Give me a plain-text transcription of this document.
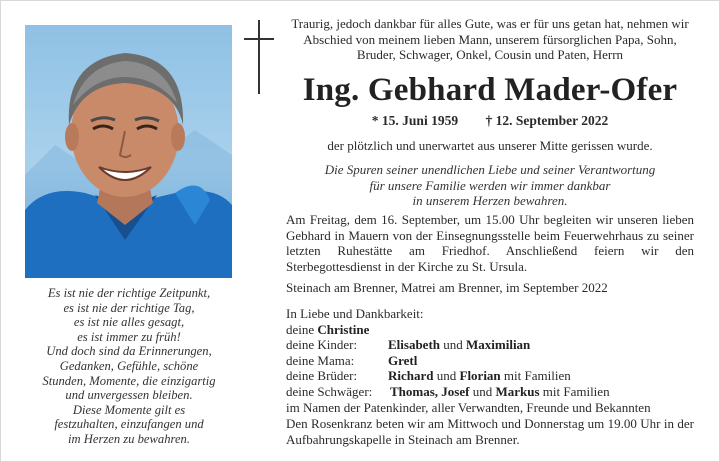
Es ist nie der richtige Zeitpunkt,
es ist nie der richtige Tag,
es ist nie alles gesagt,
es ist immer zu früh!
Und doch sind da Erinnerungen,
Gedanken, Gefühle, schöne
Stunden, Momente, die einzigartig
und unvergessen bleiben.
Diese Momente gilt es
festzuhalten, einzufangen und
im Herzen zu bewahren.
Traurig, jedoch dankbar für alles Gute, was er für uns getan hat, nehmen wir Abschied von meinem lieben Mann, unserem fürsorglichen Papa, Sohn, Bruder, Schwager, Onkel, Cousin und Paten, Herrn
Ing. Gebhard Mader-Ofer
* 15. Juni 1959 † 12. September 2022
der plötzlich und unerwartet aus unserer Mitte gerissen wurde.
Die Spuren seiner unendlichen Liebe und seiner Verantwortung
für unsere Familie werden wir immer dankbar
in unserem Herzen bewahren.
Am Freitag, dem 16. September, um 15.00 Uhr begleiten wir unseren lieben Gebhard in Mauern von der Einsegnungsstelle beim Feuerwehrhaus zu seiner letzten Ruhestätte am Friedhof. Anschließend feiern wir den Sterbegottesdienst in der Kirche zu St. Ursula.
Steinach am Brenner, Matrei am Brenner, im September 2022
In Liebe und Dankbarkeit:
deine Christine
deine Kinder: Elisabeth und Maximilian
deine Mama:	Gretl
deine Brüder: Richard und Florian mit Familien
deine Schwäger: Thomas, Josef und Markus mit Familien
im Namen der Patenkinder, aller Verwandten, Freunde und Bekannten
Den Rosenkranz beten wir am Mittwoch und Donnerstag um 19.00 Uhr in der Aufbahrungskapelle in Steinach am Brenner.
